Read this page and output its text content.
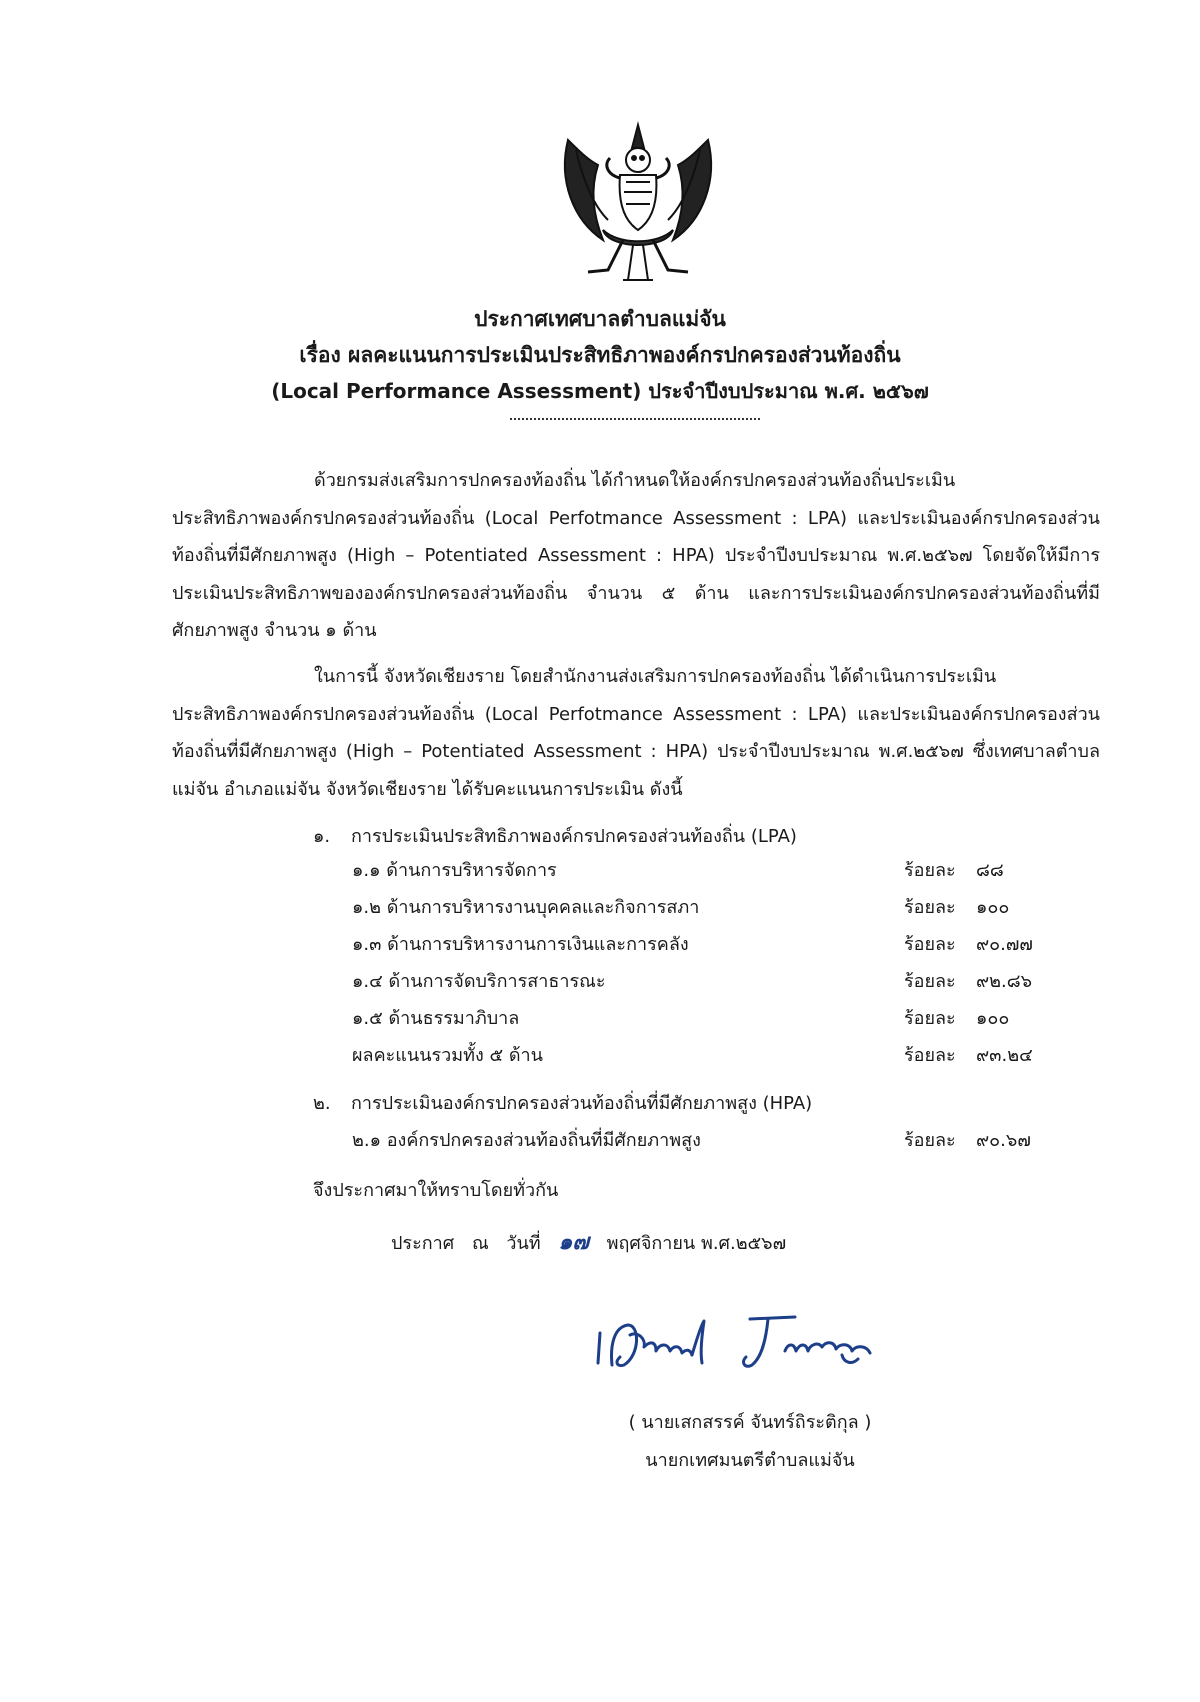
ประกาศเทศบาลตำบลแม่จัน
เรื่อง ผลคะแนนการประเมินประสิทธิภาพองค์กรปกครองส่วนท้องถิ่น
(Local Performance Assessment) ประจำปีงบประมาณ พ.ศ. ๒๕๖๗
ด้วยกรมส่งเสริมการปกครองท้องถิ่น ได้กำหนดให้องค์กรปกครองส่วนท้องถิ่นประเมิน
ประสิทธิภาพองค์กรปกครองส่วนท้องถิ่น (Local Perfotmance Assessment : LPA) และประเมินองค์กรปกครองส่วนท้องถิ่นที่มีศักยภาพสูง (High – Potentiated Assessment : HPA) ประจำปีงบประมาณ พ.ศ.๒๕๖๗ โดยจัดให้มีการประเมินประสิทธิภาพขององค์กรปกครองส่วนท้องถิ่น จำนวน ๕ ด้าน และการประเมินองค์กรปกครองส่วนท้องถิ่นที่มีศักยภาพสูง จำนวน ๑ ด้าน
ในการนี้ จังหวัดเชียงราย โดยสำนักงานส่งเสริมการปกครองท้องถิ่น ได้ดำเนินการประเมิน
ประสิทธิภาพองค์กรปกครองส่วนท้องถิ่น (Local Perfotmance Assessment : LPA) และประเมินองค์กรปกครองส่วนท้องถิ่นที่มีศักยภาพสูง (High – Potentiated Assessment : HPA) ประจำปีงบประมาณ พ.ศ.๒๕๖๗ ซึ่งเทศบาลตำบลแม่จัน อำเภอแม่จัน จังหวัดเชียงราย ได้รับคะแนนการประเมิน ดังนี้
๑. การประเมินประสิทธิภาพองค์กรปกครองส่วนท้องถิ่น (LPA)
๑.๑ ด้านการบริหารจัดการ	ร้อยละ ๘๘
๑.๒ ด้านการบริหารงานบุคคลและกิจการสภา	ร้อยละ ๑๐๐
๑.๓ ด้านการบริหารงานการเงินและการคลัง	ร้อยละ ๙๐.๗๗
๑.๔ ด้านการจัดบริการสาธารณะ	ร้อยละ ๙๒.๘๖
๑.๕ ด้านธรรมาภิบาล	ร้อยละ ๑๐๐
ผลคะแนนรวมทั้ง ๕ ด้าน	ร้อยละ ๙๓.๒๔
๒. การประเมินองค์กรปกครองส่วนท้องถิ่นที่มีศักยภาพสูง (HPA)
๒.๑ องค์กรปกครองส่วนท้องถิ่นที่มีศักยภาพสูง	ร้อยละ ๙๐.๖๗
จึงประกาศมาให้ทราบโดยทั่วกัน
ประกาศ ณ วันที่ ๑๗ พฤศจิกายน พ.ศ.๒๕๖๗
( นายเสกสรรค์ จันทร์ถิระติกุล )
นายกเทศมนตรีตำบลแม่จัน
